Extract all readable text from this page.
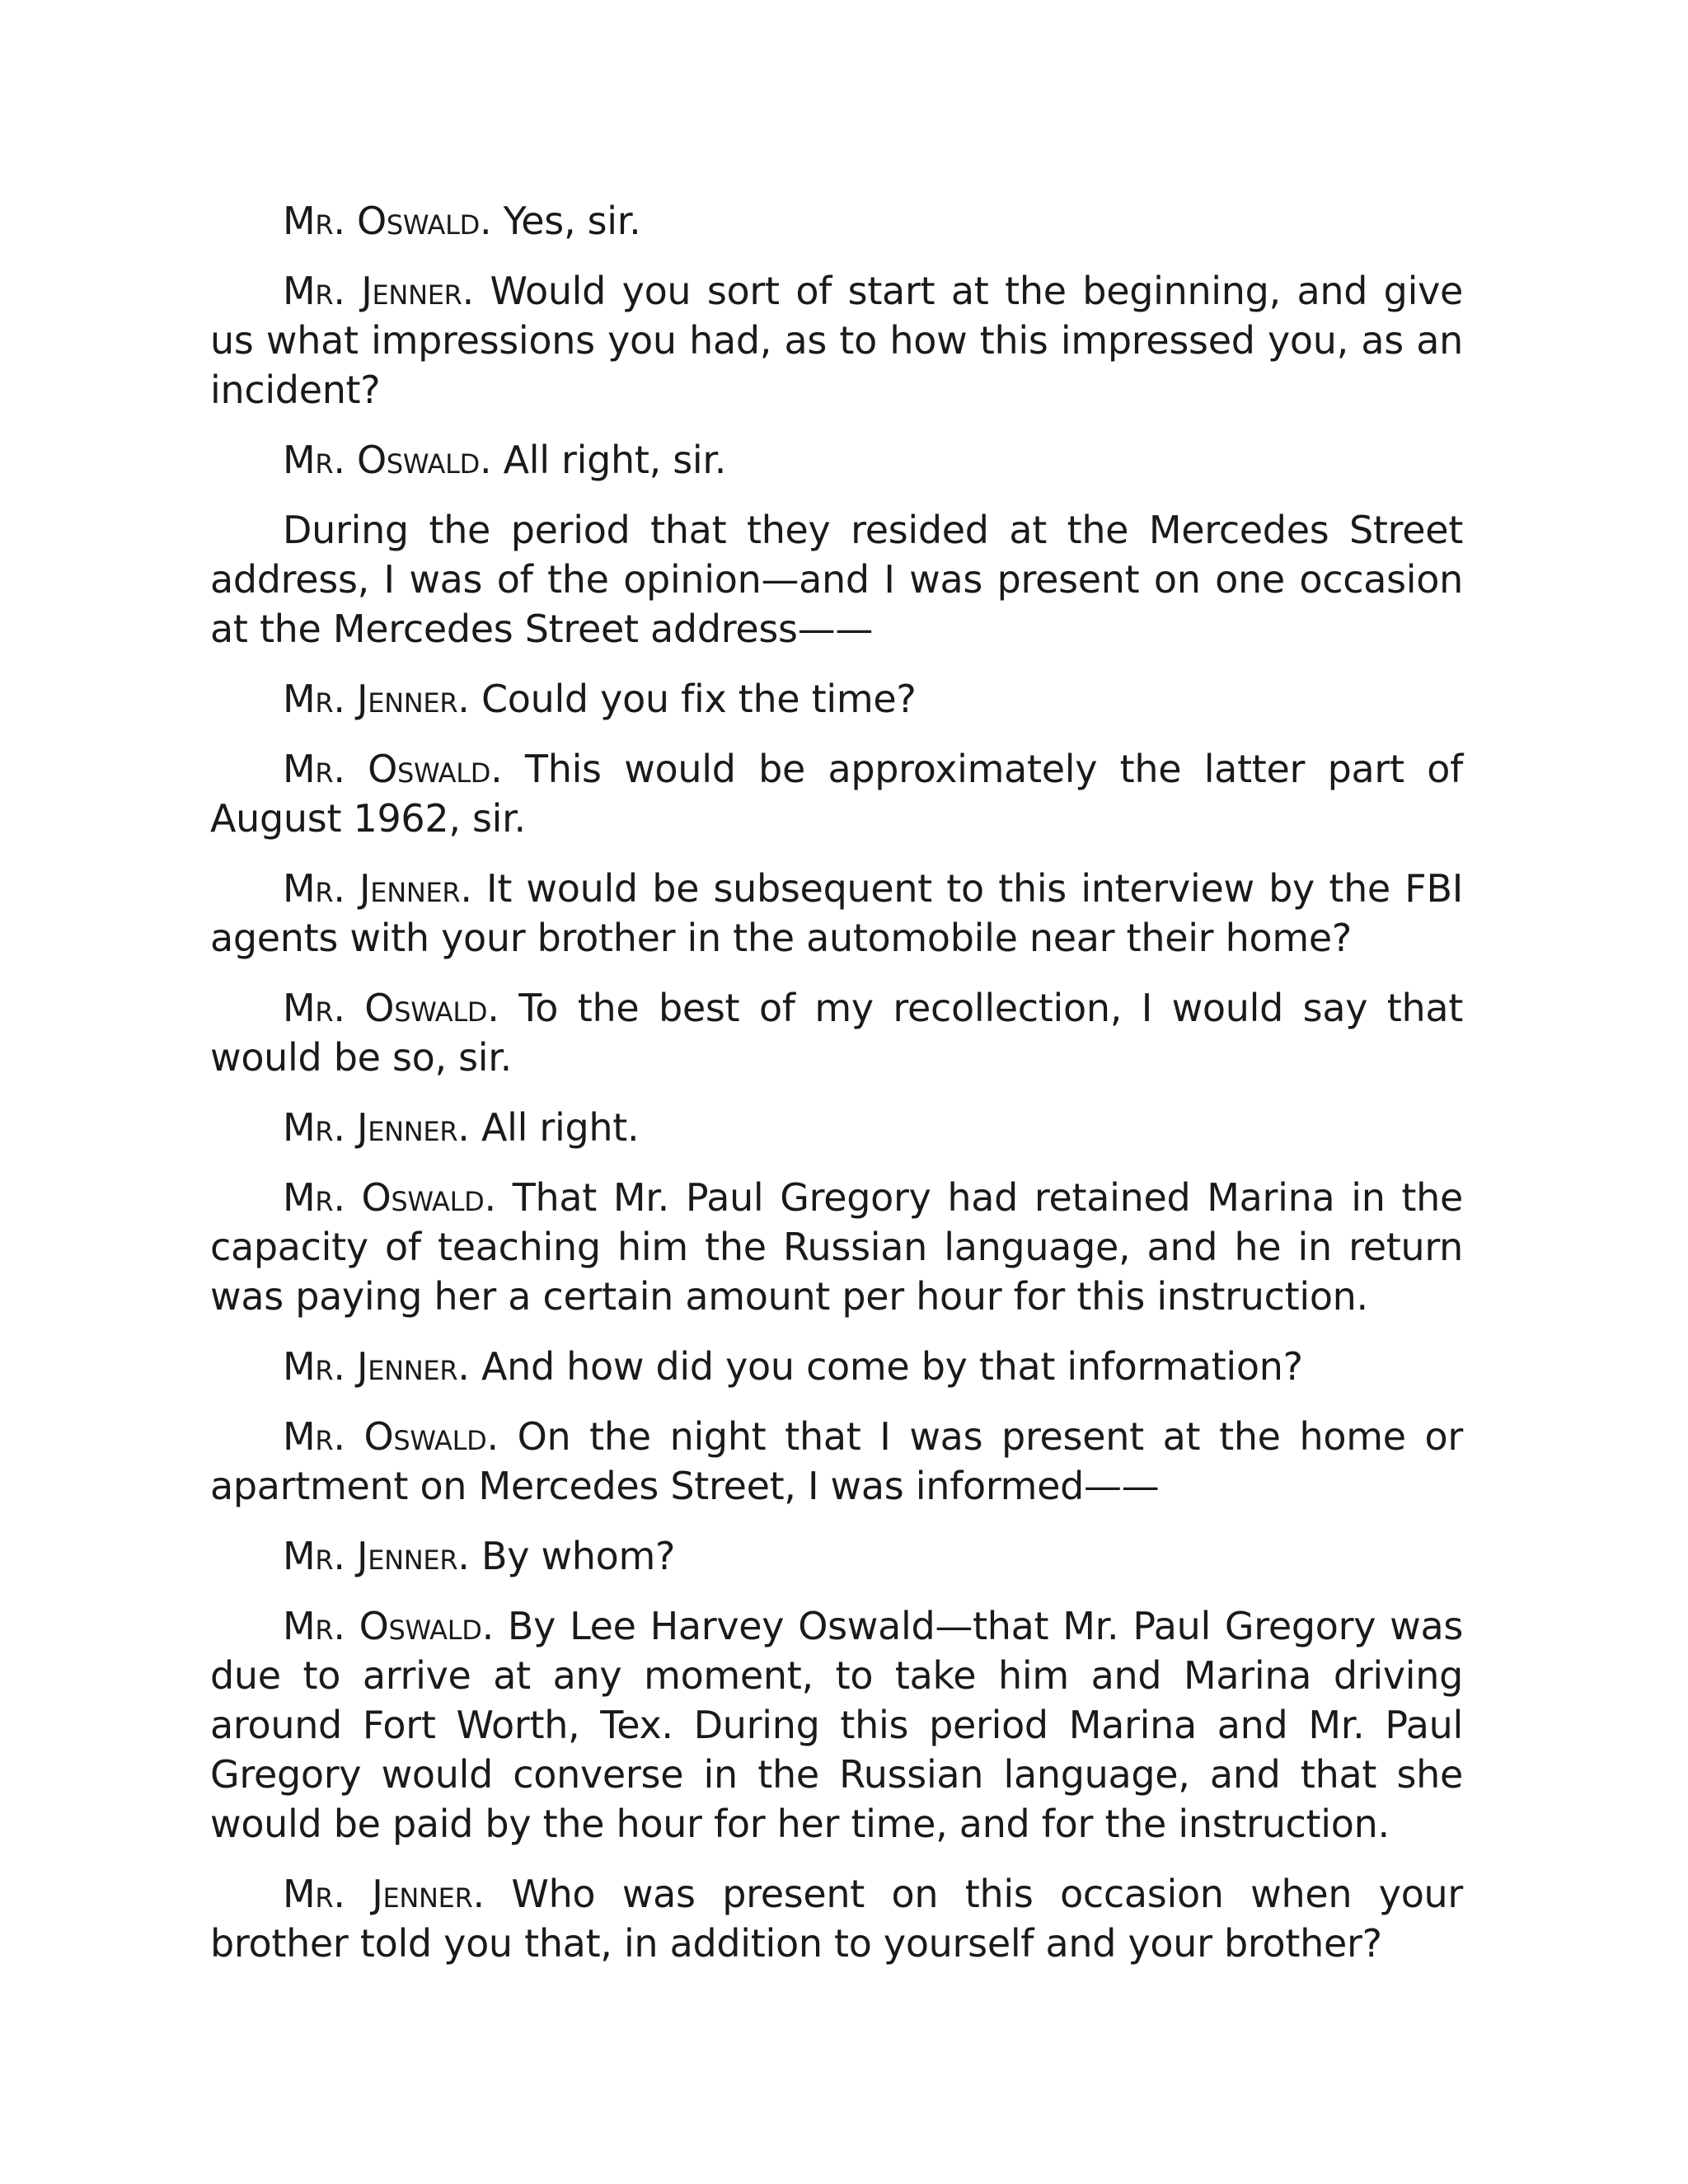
Mr. Oswald. Yes, sir.

Mr. Jenner. Would you sort of start at the beginning, and give us what impressions you had, as to how this impressed you, as an incident?

Mr. Oswald. All right, sir.

During the period that they resided at the Mercedes Street address, I was of the opinion—and I was present on one occasion at the Mercedes Street address——

Mr. Jenner. Could you fix the time?

Mr. Oswald. This would be approximately the latter part of August 1962, sir.

Mr. Jenner. It would be subsequent to this interview by the FBI agents with your brother in the automobile near their home?

Mr. Oswald. To the best of my recollection, I would say that would be so, sir.

Mr. Jenner. All right.

Mr. Oswald. That Mr. Paul Gregory had retained Marina in the capacity of teaching him the Russian language, and he in return was paying her a certain amount per hour for this instruction.

Mr. Jenner. And how did you come by that information?

Mr. Oswald. On the night that I was present at the home or apartment on Mercedes Street, I was informed——

Mr. Jenner. By whom?

Mr. Oswald. By Lee Harvey Oswald—that Mr. Paul Gregory was due to arrive at any moment, to take him and Marina driving around Fort Worth, Tex. During this period Marina and Mr. Paul Gregory would converse in the Russian language, and that she would be paid by the hour for her time, and for the instruction.

Mr. Jenner. Who was present on this occasion when your brother told you that, in addition to yourself and your brother?
